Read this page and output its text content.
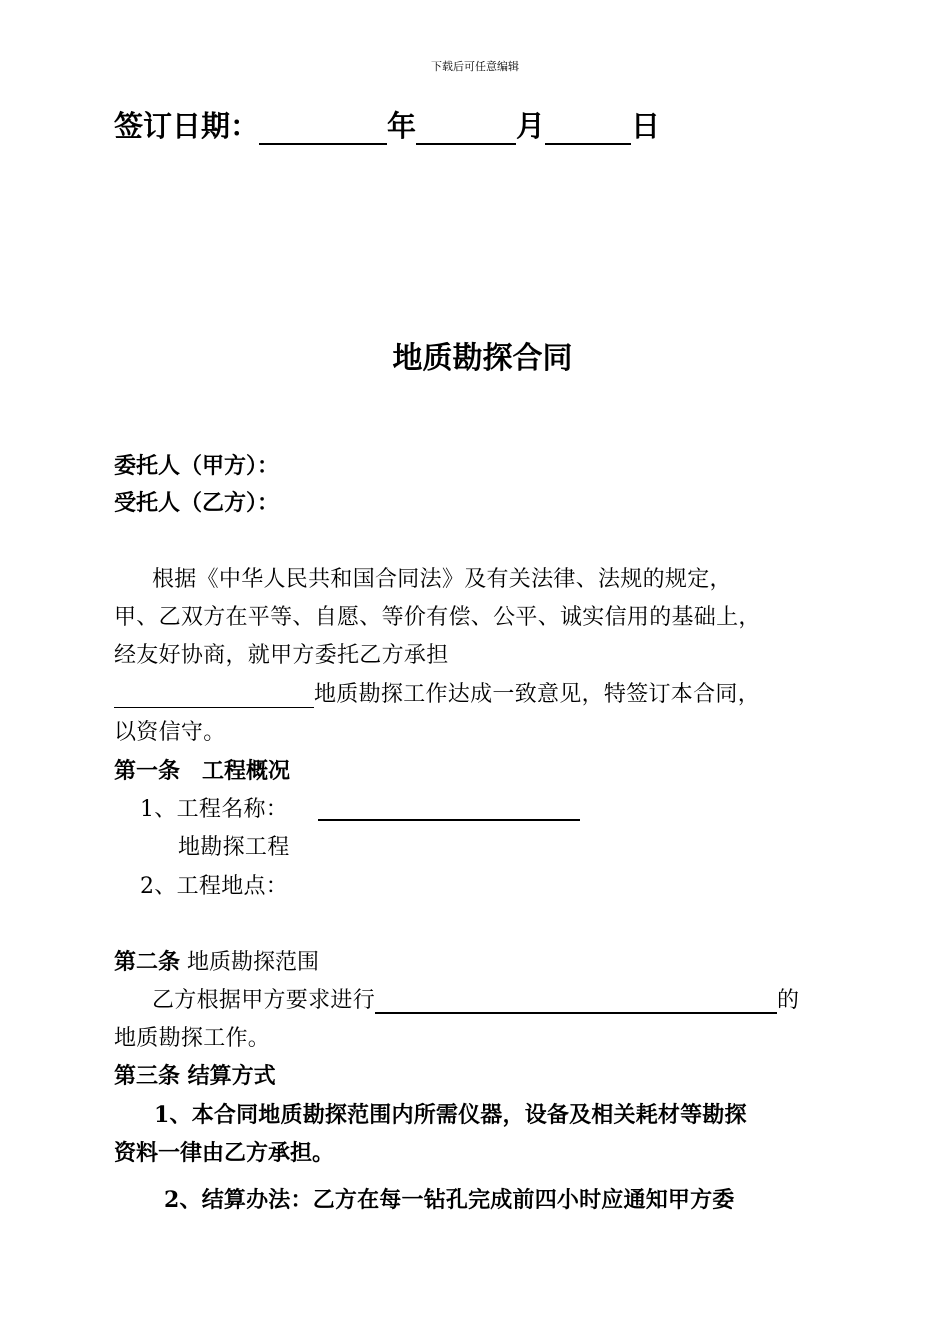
下载后可任意编辑
签订日期：	年	月	日
地质勘探合同
委托人（甲方）：
受托人（乙方）：
根据《中华人民共和国合同法》及有关法律、法规的规定，
甲、乙双方在平等、自愿、等价有偿、公平、诚实信用的基础上，
经友好协商，就甲方委托乙方承担
地质勘探工作达成一致意见，特签订本合同，
以资信守。
第一条　工程概况
1、工程名称：
地勘探工程
2、工程地点：
第二条 地质勘探范围
乙方根据甲方要求进行	的
地质勘探工作。
第三条 结算方式
1、本合同地质勘探范围内所需仪器，设备及相关耗材等勘探
资料一律由乙方承担。
2、结算办法：乙方在每一钻孔完成前四小时应通知甲方委
